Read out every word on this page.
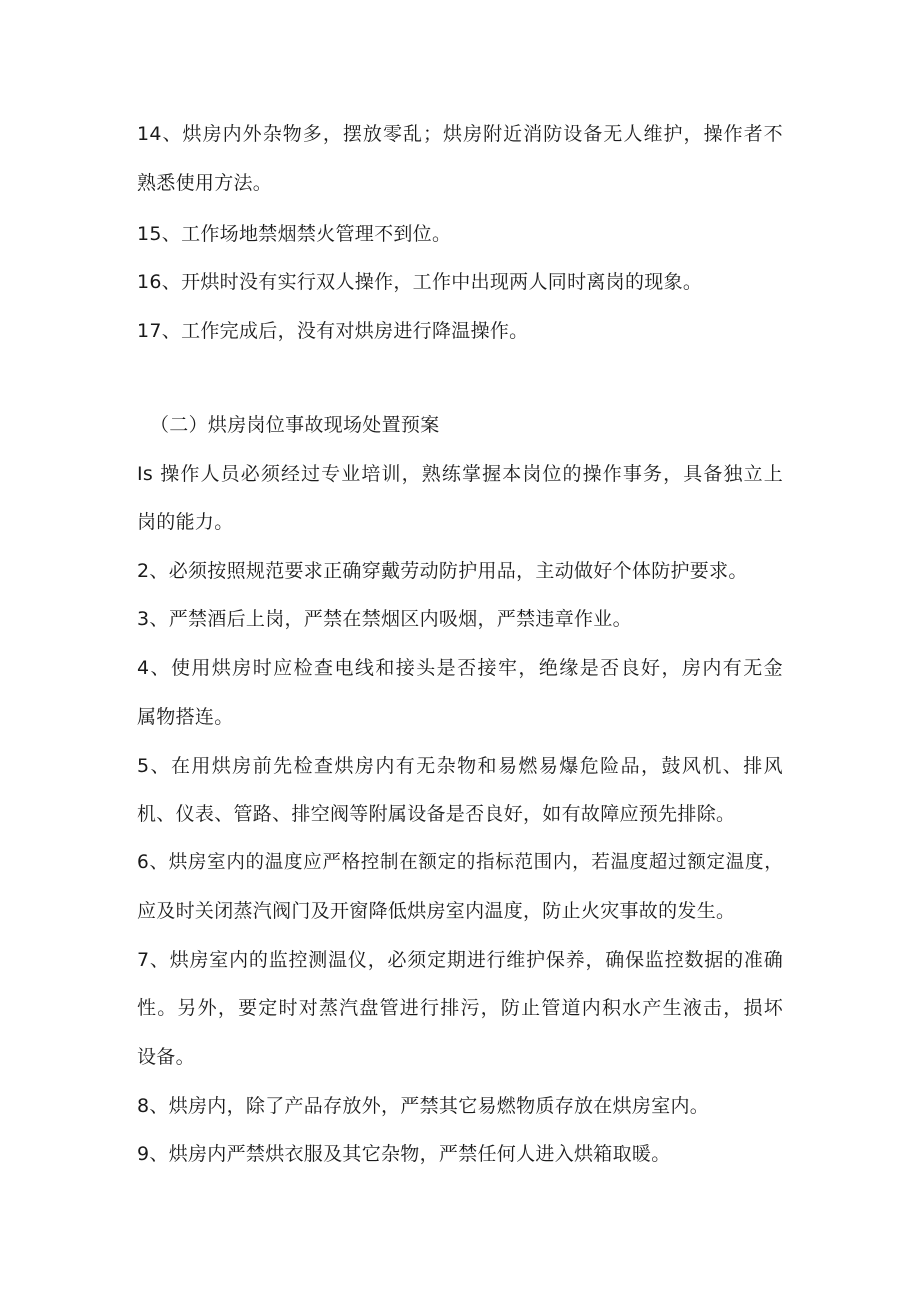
14、烘房内外杂物多，摆放零乱；烘房附近消防设备无人维护，操作者不
熟悉使用方法。
15、工作场地禁烟禁火管理不到位。
16、开烘时没有实行双人操作，工作中出现两人同时离岗的现象。
17、工作完成后，没有对烘房进行降温操作。
（二）烘房岗位事故现场处置预案
Is 操作人员必须经过专业培训，熟练掌握本岗位的操作事务，具备独立上
岗的能力。
2、必须按照规范要求正确穿戴劳动防护用品，主动做好个体防护要求。
3、严禁酒后上岗，严禁在禁烟区内吸烟，严禁违章作业。
4、使用烘房时应检查电线和接头是否接牢，绝缘是否良好，房内有无金
属物搭连。
5、在用烘房前先检查烘房内有无杂物和易燃易爆危险品，鼓风机、排风
机、仪表、管路、排空阀等附属设备是否良好，如有故障应预先排除。
6、烘房室内的温度应严格控制在额定的指标范围内，若温度超过额定温度，
应及时关闭蒸汽阀门及开窗降低烘房室内温度，防止火灾事故的发生。
7、烘房室内的监控测温仪，必须定期进行维护保养，确保监控数据的准确
性。另外，要定时对蒸汽盘管进行排污，防止管道内积水产生液击，损坏
设备。
8、烘房内，除了产品存放外，严禁其它易燃物质存放在烘房室内。
9、烘房内严禁烘衣服及其它杂物，严禁任何人进入烘箱取暖。
